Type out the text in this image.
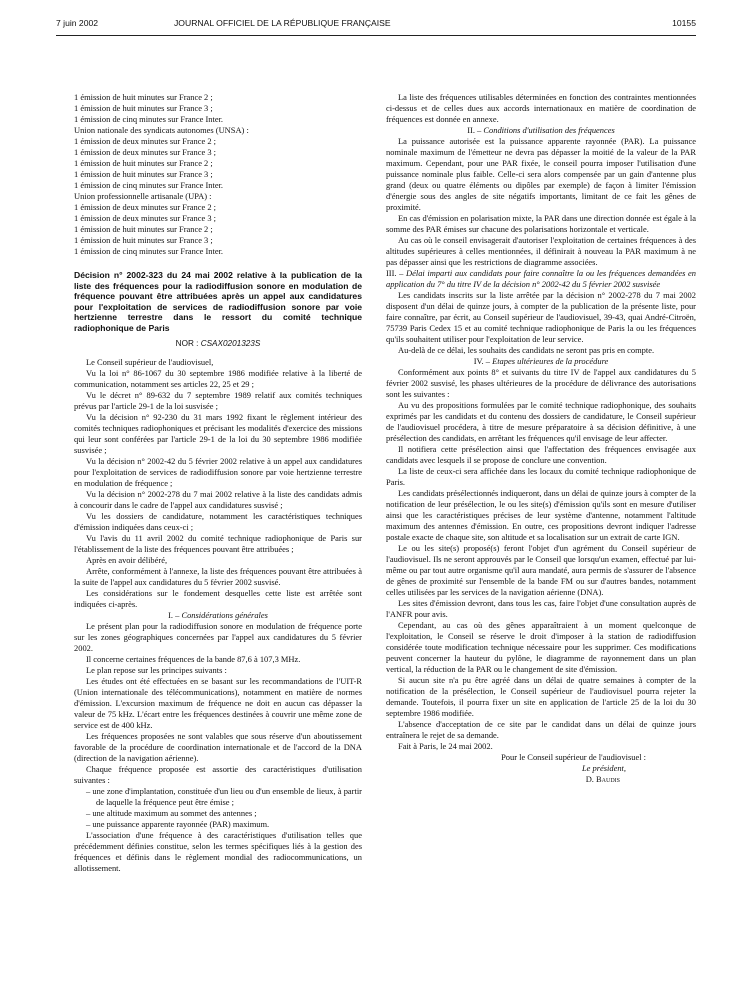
7 juin 2002	JOURNAL OFFICIEL DE LA RÉPUBLIQUE FRANÇAISE	10155

1 émission de huit minutes sur France 2 ;

1 émission de huit minutes sur France 3 ;

1 émission de cinq minutes sur France Inter.

Union nationale des syndicats autonomes (UNSA) :

1 émission de deux minutes sur France 2 ;

1 émission de deux minutes sur France 3 ;

1 émission de huit minutes sur France 2 ;

1 émission de huit minutes sur France 3 ;

1 émission de cinq minutes sur France Inter.

Union professionnelle artisanale (UPA) :

1 émission de deux minutes sur France 2 ;

1 émission de deux minutes sur France 3 ;

1 émission de huit minutes sur France 2 ;

1 émission de huit minutes sur France 3 ;

1 émission de cinq minutes sur France Inter.

Décision n° 2002-323 du 24 mai 2002 relative à la publication de la liste des fréquences pour la radiodiffusion sonore en modulation de fréquence pouvant être attribuées après un appel aux candidatures pour l'exploitation de services de radiodiffusion sonore par voie hertzienne terrestre dans le ressort du comité technique radiophonique de Paris
NOR : CSAX0201323S

Le Conseil supérieur de l'audiovisuel,

Vu la loi n° 86-1067 du 30 septembre 1986 modifiée relative à la liberté de communication, notamment ses articles 22, 25 et 29 ;

Vu le décret n° 89-632 du 7 septembre 1989 relatif aux comités techniques prévus par l'article 29-1 de la loi susvisée ;

Vu la décision n° 92-230 du 31 mars 1992 fixant le règlement intérieur des comités techniques radiophoniques et précisant les modalités d'exercice des missions qui leur sont conférées par l'article 29-1 de la loi du 30 septembre 1986 modifiée susvisée ;

Vu la décision n° 2002-42 du 5 février 2002 relative à un appel aux candidatures pour l'exploitation de services de radiodiffusion sonore par voie hertzienne terrestre en modulation de fréquence ;

Vu la décision n° 2002-278 du 7 mai 2002 relative à la liste des candidats admis à concourir dans le cadre de l'appel aux candidatures susvisé ;

Vu les dossiers de candidature, notamment les caractéristiques techniques d'émission indiquées dans ceux-ci ;

Vu l'avis du 11 avril 2002 du comité technique radiophonique de Paris sur l'établissement de la liste des fréquences pouvant être attribuées ;

Après en avoir délibéré,

Arrête, conformément à l'annexe, la liste des fréquences pouvant être attribuées à la suite de l'appel aux candidatures du 5 février 2002 susvisé.

Les considérations sur le fondement desquelles cette liste est arrêtée sont indiquées ci-après.

I. – Considérations générales

Le présent plan pour la radiodiffusion sonore en modulation de fréquence porte sur les zones géographiques concernées par l'appel aux candidatures du 5 février 2002.

Il concerne certaines fréquences de la bande 87,6 à 107,3 MHz.

Le plan repose sur les principes suivants :

Les études ont été effectuées en se basant sur les recommandations de l'UIT-R (Union internationale des télécommunications), notamment en matière de normes d'émission. L'excursion maximum de fréquence ne doit en aucun cas dépasser la valeur de 75 kHz. L'écart entre les fréquences destinées à couvrir une même zone de service est de 400 kHz.

Les fréquences proposées ne sont valables que sous réserve d'un aboutissement favorable de la procédure de coordination internationale et de l'accord de la DNA (direction de la navigation aérienne).

Chaque fréquence proposée est assortie des caractéristiques d'utilisation suivantes :

– une zone d'implantation, constituée d'un lieu ou d'un ensemble de lieux, à partir de laquelle la fréquence peut être émise ;

– une altitude maximum au sommet des antennes ;

– une puissance apparente rayonnée (PAR) maximum.

L'association d'une fréquence à des caractéristiques d'utilisation telles que précédemment définies constitue, selon les termes spécifiques liés à la gestion des fréquences et définis dans le règlement mondial des radiocommunications, un allotissement.

La liste des fréquences utilisables déterminées en fonction des contraintes mentionnées ci-dessus et de celles dues aux accords internationaux en matière de coordination de fréquences est donnée en annexe.

II. – Conditions d'utilisation des fréquences

La puissance autorisée est la puissance apparente rayonnée (PAR). La puissance nominale maximum de l'émetteur ne devra pas dépasser la moitié de la valeur de la PAR maximum. Cependant, pour une PAR fixée, le conseil pourra imposer l'utilisation d'une puissance nominale plus faible. Celle-ci sera alors compensée par un gain d'antenne plus grand (deux ou quatre éléments ou dipôles par exemple) de façon à limiter l'émission d'énergie sous des angles de site négatifs importants, limitant de ce fait les gênes de proximité.

En cas d'émission en polarisation mixte, la PAR dans une direction donnée est égale à la somme des PAR émises sur chacune des polarisations horizontale et verticale.

Au cas où le conseil envisagerait d'autoriser l'exploitation de certaines fréquences à des altitudes supérieures à celles mentionnées, il définirait à nouveau la PAR maximum à ne pas dépasser ainsi que les restrictions de diagramme associées.

III. – Délai imparti aux candidats pour faire connaître la ou les fréquences demandées en application du 7° du titre IV de la décision n° 2002-42 du 5 février 2002 susvisée

Les candidats inscrits sur la liste arrêtée par la décision n° 2002-278 du 7 mai 2002 disposent d'un délai de quinze jours, à compter de la publication de la présente liste, pour faire connaître, par écrit, au Conseil supérieur de l'audiovisuel, 39-43, quai André-Citroën, 75739 Paris Cedex 15 et au comité technique radiophonique de Paris la ou les fréquences qu'ils souhaitent utiliser pour l'exploitation de leur service.

Au-delà de ce délai, les souhaits des candidats ne seront pas pris en compte.

IV. – Etapes ultérieures de la procédure

Conformément aux points 8° et suivants du titre IV de l'appel aux candidatures du 5 février 2002 susvisé, les phases ultérieures de la procédure de délivrance des autorisations sont les suivantes :

Au vu des propositions formulées par le comité technique radiophonique, des souhaits exprimés par les candidats et du contenu des dossiers de candidature, le Conseil supérieur de l'audiovisuel procédera, à titre de mesure préparatoire à sa décision définitive, à une présélection des candidats, en arrêtant les fréquences qu'il envisage de leur affecter.

Il notifiera cette présélection ainsi que l'affectation des fréquences envisagée aux candidats avec lesquels il se propose de conclure une convention.

La liste de ceux-ci sera affichée dans les locaux du comité technique radiophonique de Paris.

Les candidats présélectionnés indiqueront, dans un délai de quinze jours à compter de la notification de leur présélection, le ou les site(s) d'émission qu'ils sont en mesure d'utiliser ainsi que les caractéristiques précises de leur système d'antenne, notamment l'altitude maximum des antennes d'émission. En outre, ces propositions devront indiquer l'adresse postale exacte de chaque site, son altitude et sa localisation sur un extrait de carte IGN.

Le ou les site(s) proposé(s) feront l'objet d'un agrément du Conseil supérieur de l'audiovisuel. Ils ne seront approuvés par le Conseil que lorsqu'un examen, effectué par lui-même ou par tout autre organisme qu'il aura mandaté, aura permis de s'assurer de l'absence de gênes de proximité sur l'ensemble de la bande FM ou sur d'autres bandes, notamment celles utilisées par les services de la navigation aérienne (DNA).

Les sites d'émission devront, dans tous les cas, faire l'objet d'une consultation auprès de l'ANFR pour avis.

Cependant, au cas où des gênes apparaîtraient à un moment quelconque de l'exploitation, le Conseil se réserve le droit d'imposer à la station de radiodiffusion considérée toute modification technique nécessaire pour les supprimer. Ces modifications peuvent concerner la hauteur du pylône, le diagramme de rayonnement dans un plan vertical, la réduction de la PAR ou le changement de site d'émission.

Si aucun site n'a pu être agréé dans un délai de quatre semaines à compter de la notification de la présélection, le Conseil supérieur de l'audiovisuel pourra rejeter la demande. Toutefois, il pourra fixer un site en application de l'article 25 de la loi du 30 septembre 1986 modifiée.

L'absence d'acceptation de ce site par le candidat dans un délai de quinze jours entraînera le rejet de sa demande.

Fait à Paris, le 24 mai 2002.

Pour le Conseil supérieur de l'audiovisuel :

Le président,

D. Baudis
